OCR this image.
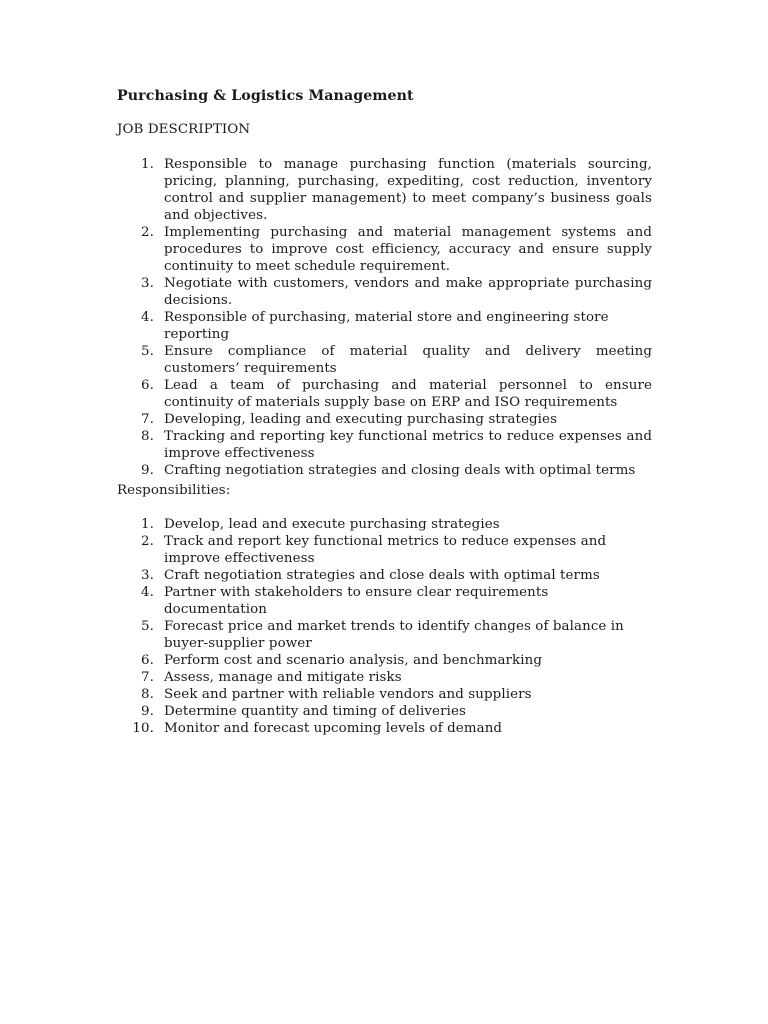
Purchasing & Logistics Management

JOB DESCRIPTION

1. Responsible to manage purchasing function (materials sourcing, pricing, planning, purchasing, expediting, cost reduction, inventory control and supplier management) to meet company’s business goals and objectives.
2. Implementing purchasing and material management systems and procedures to improve cost efficiency, accuracy and ensure supply continuity to meet schedule requirement.
3. Negotiate with customers, vendors and make appropriate purchasing decisions.
4. Responsible of purchasing, material store and engineering store reporting
5. Ensure compliance of material quality and delivery meeting customers’ requirements
6. Lead a team of purchasing and material personnel to ensure continuity of materials supply base on ERP and ISO requirements
7. Developing, leading and executing purchasing strategies
8. Tracking and reporting key functional metrics to reduce expenses and improve effectiveness
9. Crafting negotiation strategies and closing deals with optimal terms

Responsibilities:

1. Develop, lead and execute purchasing strategies
2. Track and report key functional metrics to reduce expenses and improve effectiveness
3. Craft negotiation strategies and close deals with optimal terms
4. Partner with stakeholders to ensure clear requirements documentation
5. Forecast price and market trends to identify changes of balance in buyer-supplier power
6. Perform cost and scenario analysis, and benchmarking
7. Assess, manage and mitigate risks
8. Seek and partner with reliable vendors and suppliers
9. Determine quantity and timing of deliveries
10. Monitor and forecast upcoming levels of demand
